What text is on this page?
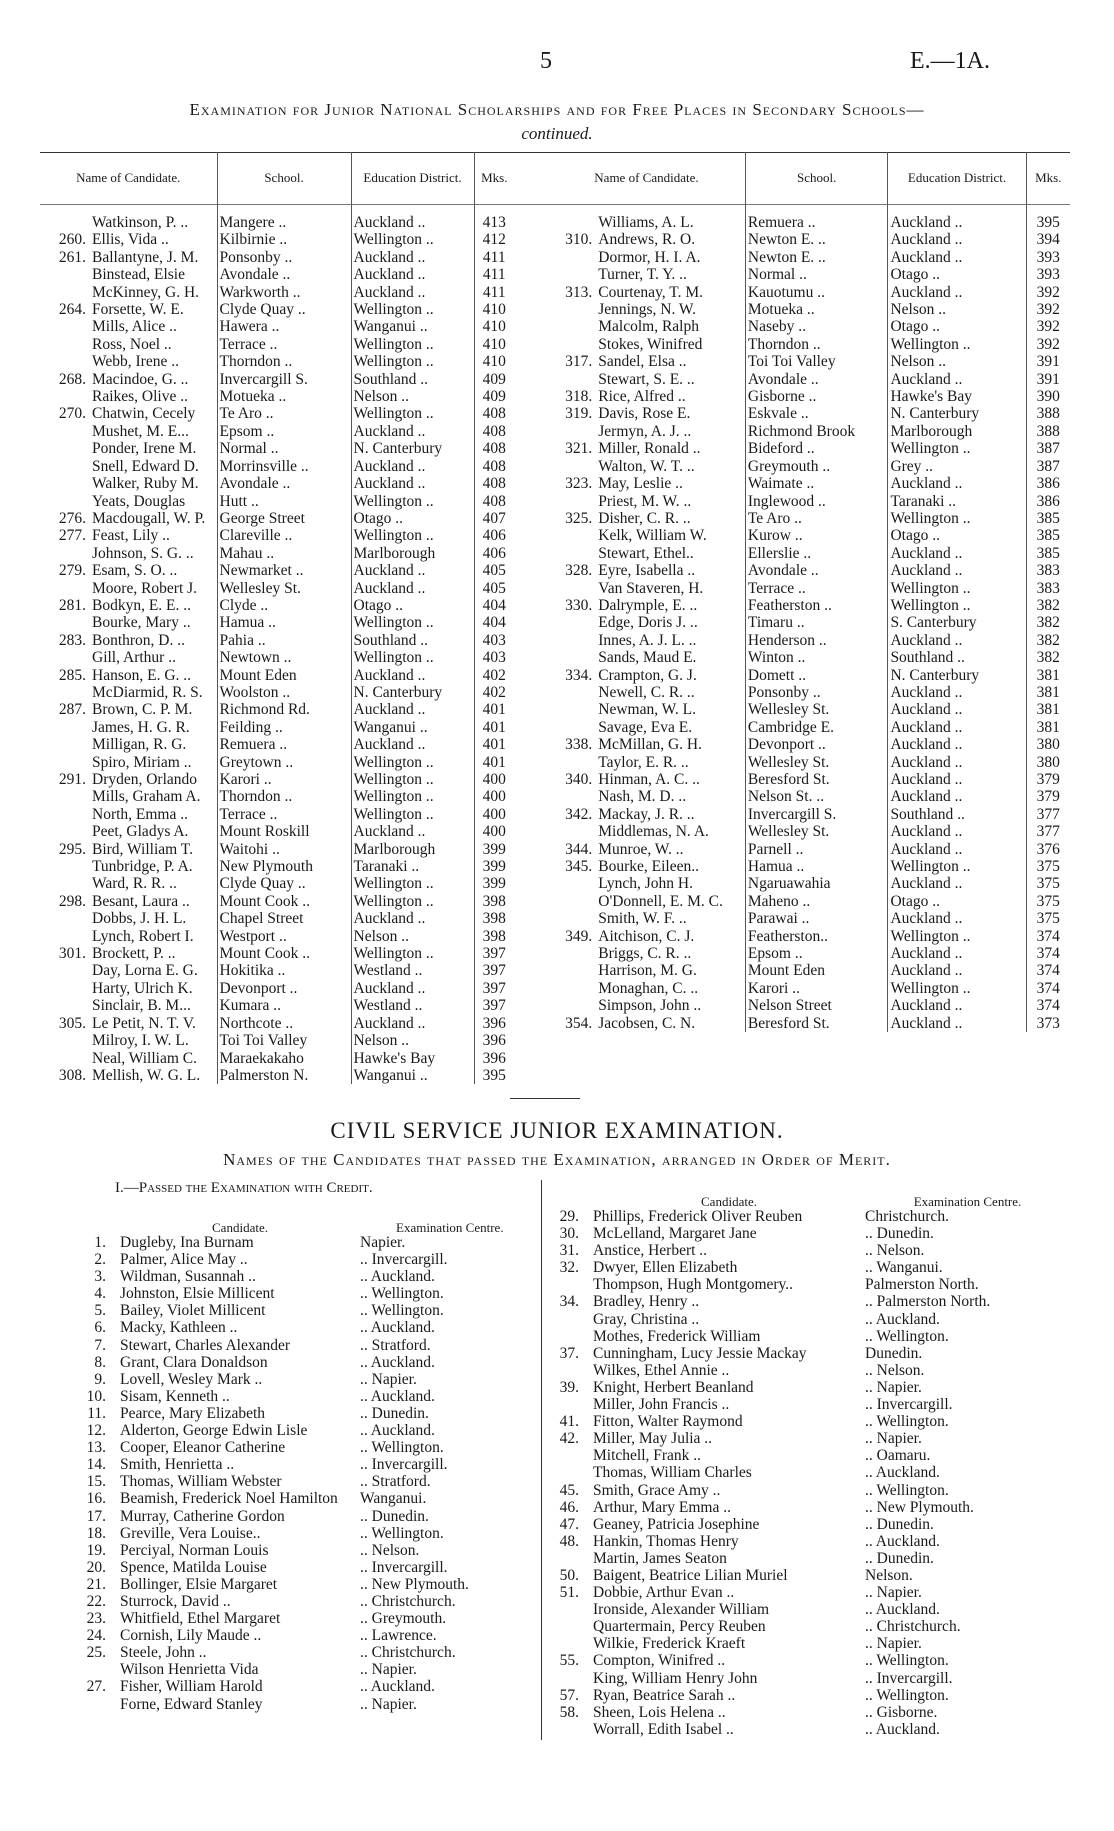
5	E.—1A.
Examination for Junior National Scholarships and for Free Places in Secondary Schools—
continued.
Name of Candidate.		School.	Education District.	Mks.

	Watkinson, P. ..	Mangere ..	Auckland ..	413
260.	Ellis, Vida ..	Kilbirnie ..	Wellington ..	412
261.	Ballantyne, J. M.	Ponsonby ..	Auckland ..	411
	Binstead, Elsie	Avondale ..	Auckland ..	411
	McKinney, G. H.	Warkworth ..	Auckland ..	411
264.	Forsette, W. E.	Clyde Quay ..	Wellington ..	410
	Mills, Alice ..	Hawera ..	Wanganui ..	410
	Ross, Noel ..	Terrace ..	Wellington ..	410
	Webb, Irene ..	Thorndon ..	Wellington ..	410
268.	Macindoe, G. ..	Invercargill S.	Southland ..	409
	Raikes, Olive ..	Motueka ..	Nelson ..	409
270.	Chatwin, Cecely	Te Aro ..	Wellington ..	408
	Mushet, M. E...	Epsom ..	Auckland ..	408
	Ponder, Irene M.	Normal ..	N. Canterbury	408
	Snell, Edward D.	Morrinsville ..	Auckland ..	408
	Walker, Ruby M.	Avondale ..	Auckland ..	408
	Yeats, Douglas	Hutt ..	Wellington ..	408
276.	Macdougall, W. P.	George Street	Otago ..	407
277.	Feast, Lily ..	Clareville ..	Wellington ..	406
	Johnson, S. G. ..	Mahau ..	Marlborough	406
279.	Esam, S. O. ..	Newmarket ..	Auckland ..	405
	Moore, Robert J.	Wellesley St.	Auckland ..	405
281.	Bodkyn, E. E. ..	Clyde ..	Otago ..	404
	Bourke, Mary ..	Hamua ..	Wellington ..	404
283.	Bonthron, D. ..	Pahia ..	Southland ..	403
	Gill, Arthur ..	Newtown ..	Wellington ..	403
285.	Hanson, E. G. ..	Mount Eden	Auckland ..	402
	McDiarmid, R. S.	Woolston ..	N. Canterbury	402
287.	Brown, C. P. M.	Richmond Rd.	Auckland ..	401
	James, H. G. R.	Feilding ..	Wanganui ..	401
	Milligan, R. G.	Remuera ..	Auckland ..	401
	Spiro, Miriam ..	Greytown ..	Wellington ..	401
291.	Dryden, Orlando	Karori ..	Wellington ..	400
	Mills, Graham A.	Thorndon ..	Wellington ..	400
	North, Emma ..	Terrace ..	Wellington ..	400
	Peet, Gladys A.	Mount Roskill	Auckland ..	400
295.	Bird, William T.	Waitohi ..	Marlborough	399
	Tunbridge, P. A.	New Plymouth	Taranaki ..	399
	Ward, R. R. ..	Clyde Quay ..	Wellington ..	399
298.	Besant, Laura ..	Mount Cook ..	Wellington ..	398
	Dobbs, J. H. L.	Chapel Street	Auckland ..	398
	Lynch, Robert I.	Westport ..	Nelson ..	398
301.	Brockett, P. ..	Mount Cook ..	Wellington ..	397
	Day, Lorna E. G.	Hokitika ..	Westland ..	397
	Harty, Ulrich K.	Devonport ..	Auckland ..	397
	Sinclair, B. M...	Kumara ..	Westland ..	397
305.	Le Petit, N. T. V.	Northcote ..	Auckland ..	396
	Milroy, I. W. L.	Toi Toi Valley	Nelson ..	396
	Neal, William C.	Maraekakaho	Hawke's Bay	396
308.	Mellish, W. G. L.	Palmerston N.	Wanganui ..	395
Name of Candidate.		School.	Education District.	Mks.

	Williams, A. L.	Remuera ..	Auckland ..	395
310.	Andrews, R. O.	Newton E. ..	Auckland ..	394
	Dormor, H. I. A.	Newton E. ..	Auckland ..	393
	Turner, T. Y. ..	Normal ..	Otago ..	393
313.	Courtenay, T. M.	Kauotumu ..	Auckland ..	392
	Jennings, N. W.	Motueka ..	Nelson ..	392
	Malcolm, Ralph	Naseby ..	Otago ..	392
	Stokes, Winifred	Thorndon ..	Wellington ..	392
317.	Sandel, Elsa ..	Toi Toi Valley	Nelson ..	391
	Stewart, S. E. ..	Avondale ..	Auckland ..	391
318.	Rice, Alfred ..	Gisborne ..	Hawke's Bay	390
319.	Davis, Rose E.	Eskvale ..	N. Canterbury	388
	Jermyn, A. J. ..	Richmond Brook	Marlborough	388
321.	Miller, Ronald ..	Bideford ..	Wellington ..	387
	Walton, W. T. ..	Greymouth ..	Grey ..	387
323.	May, Leslie ..	Waimate ..	Auckland ..	386
	Priest, M. W. ..	Inglewood ..	Taranaki ..	386
325.	Disher, C. R. ..	Te Aro ..	Wellington ..	385
	Kelk, William W.	Kurow ..	Otago ..	385
	Stewart, Ethel..	Ellerslie ..	Auckland ..	385
328.	Eyre, Isabella ..	Avondale ..	Auckland ..	383
	Van Staveren, H.	Terrace ..	Wellington ..	383
330.	Dalrymple, E. ..	Featherston ..	Wellington ..	382
	Edge, Doris J. ..	Timaru ..	S. Canterbury	382
	Innes, A. J. L. ..	Henderson ..	Auckland ..	382
	Sands, Maud E.	Winton ..	Southland ..	382
334.	Crampton, G. J.	Domett ..	N. Canterbury	381
	Newell, C. R. ..	Ponsonby ..	Auckland ..	381
	Newman, W. L.	Wellesley St.	Auckland ..	381
	Savage, Eva E.	Cambridge E.	Auckland ..	381
338.	McMillan, G. H.	Devonport ..	Auckland ..	380
	Taylor, E. R. ..	Wellesley St.	Auckland ..	380
340.	Hinman, A. C. ..	Beresford St.	Auckland ..	379
	Nash, M. D. ..	Nelson St. ..	Auckland ..	379
342.	Mackay, J. R. ..	Invercargill S.	Southland ..	377
	Middlemas, N. A.	Wellesley St.	Auckland ..	377
344.	Munroe, W. ..	Parnell ..	Auckland ..	376
345.	Bourke, Eileen..	Hamua ..	Wellington ..	375
	Lynch, John H.	Ngaruawahia	Auckland ..	375
	O'Donnell, E. M. C.	Maheno ..	Otago ..	375
	Smith, W. F. ..	Parawai ..	Auckland ..	375
349.	Aitchison, C. J.	Featherston..	Wellington ..	374
	Briggs, C. R. ..	Epsom ..	Auckland ..	374
	Harrison, M. G.	Mount Eden	Auckland ..	374
	Monaghan, C. ..	Karori ..	Wellington ..	374
	Simpson, John ..	Nelson Street	Auckland ..	374
354.	Jacobsen, C. N.	Beresford St.	Auckland ..	373
CIVIL SERVICE JUNIOR EXAMINATION.
Names of the Candidates that passed the Examination, arranged in Order of Merit.
I.—Passed the Examination with Credit.
	Candidate.	Examination Centre.
1.	Dugleby, Ina Burnam	Napier.
2.	Palmer, Alice May ..	.. Invercargill.
3.	Wildman, Susannah ..	.. Auckland.
4.	Johnston, Elsie Millicent	.. Wellington.
5.	Bailey, Violet Millicent	.. Wellington.
6.	Macky, Kathleen ..	.. Auckland.
7.	Stewart, Charles Alexander	.. Stratford.
8.	Grant, Clara Donaldson	.. Auckland.
9.	Lovell, Wesley Mark ..	.. Napier.
10.	Sisam, Kenneth ..	.. Auckland.
11.	Pearce, Mary Elizabeth	.. Dunedin.
12.	Alderton, George Edwin Lisle	.. Auckland.
13.	Cooper, Eleanor Catherine	.. Wellington.
14.	Smith, Henrietta ..	.. Invercargill.
15.	Thomas, William Webster	.. Stratford.
16.	Beamish, Frederick Noel Hamilton	Wanganui.
17.	Murray, Catherine Gordon	.. Dunedin.
18.	Greville, Vera Louise..	.. Wellington.
19.	Perciyal, Norman Louis	.. Nelson.
20.	Spence, Matilda Louise	.. Invercargill.
21.	Bollinger, Elsie Margaret	.. New Plymouth.
22.	Sturrock, David ..	.. Christchurch.
23.	Whitfield, Ethel Margaret	.. Greymouth.
24.	Cornish, Lily Maude ..	.. Lawrence.
25.	Steele, John ..	.. Christchurch.
	Wilson Henrietta Vida	.. Napier.
27.	Fisher, William Harold	.. Auckland.
	Forne, Edward Stanley	.. Napier.
	Candidate.	Examination Centre.
29.	Phillips, Frederick Oliver Reuben	Christchurch.
30.	McLelland, Margaret Jane	.. Dunedin.
31.	Anstice, Herbert ..	.. Nelson.
32.	Dwyer, Ellen Elizabeth	.. Wanganui.
	Thompson, Hugh Montgomery..	Palmerston North.
34.	Bradley, Henry ..	.. Palmerston North.
	Gray, Christina ..	.. Auckland.
	Mothes, Frederick William	.. Wellington.
37.	Cunningham, Lucy Jessie Mackay	Dunedin.
	Wilkes, Ethel Annie ..	.. Nelson.
39.	Knight, Herbert Beanland	.. Napier.
	Miller, John Francis ..	.. Invercargill.
41.	Fitton, Walter Raymond	.. Wellington.
42.	Miller, May Julia ..	.. Napier.
	Mitchell, Frank ..	.. Oamaru.
	Thomas, William Charles	.. Auckland.
45.	Smith, Grace Amy ..	.. Wellington.
46.	Arthur, Mary Emma ..	.. New Plymouth.
47.	Geaney, Patricia Josephine	.. Dunedin.
48.	Hankin, Thomas Henry	.. Auckland.
	Martin, James Seaton	.. Dunedin.
50.	Baigent, Beatrice Lilian Muriel	Nelson.
51.	Dobbie, Arthur Evan ..	.. Napier.
	Ironside, Alexander William	.. Auckland.
	Quartermain, Percy Reuben	.. Christchurch.
	Wilkie, Frederick Kraeft	.. Napier.
55.	Compton, Winifred ..	.. Wellington.
	King, William Henry John	.. Invercargill.
57.	Ryan, Beatrice Sarah ..	.. Wellington.
58.	Sheen, Lois Helena ..	.. Gisborne.
	Worrall, Edith Isabel ..	.. Auckland.
